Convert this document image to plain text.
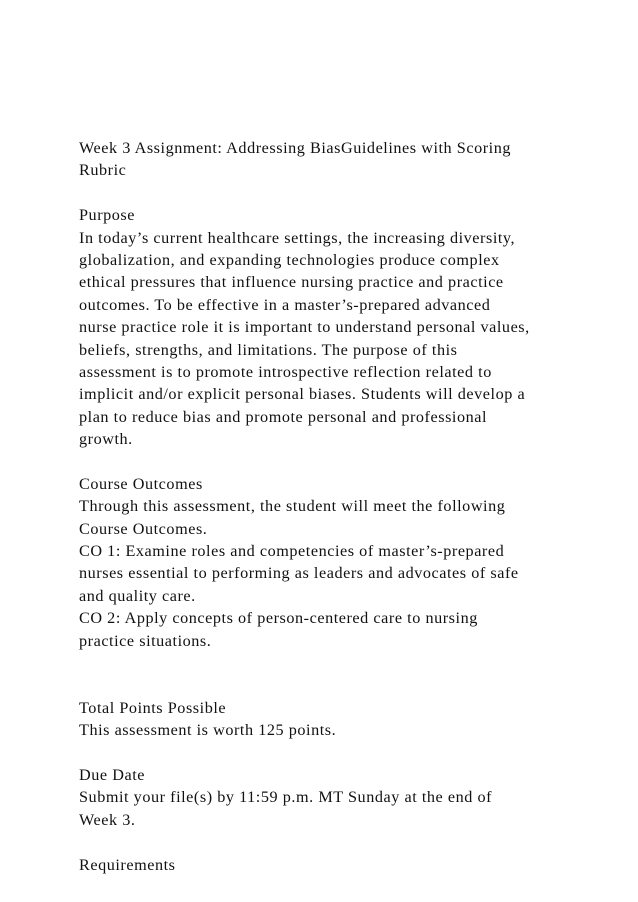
Week 3 Assignment: Addressing BiasGuidelines with Scoring
Rubric
Purpose
In today’s current healthcare settings, the increasing diversity,
globalization, and expanding technologies produce complex
ethical pressures that influence nursing practice and practice
outcomes. To be effective in a master’s-prepared advanced
nurse practice role it is important to understand personal values,
beliefs, strengths, and limitations. The purpose of this
assessment is to promote introspective reflection related to
implicit and/or explicit personal biases. Students will develop a
plan to reduce bias and promote personal and professional
growth.
Course Outcomes
Through this assessment, the student will meet the following
Course Outcomes.
CO 1: Examine roles and competencies of master’s-prepared
nurses essential to performing as leaders and advocates of safe
and quality care.
CO 2: Apply concepts of person-centered care to nursing
practice situations.
Total Points Possible
This assessment is worth 125 points.
Due Date
Submit your file(s) by 11:59 p.m. MT Sunday at the end of
Week 3.
Requirements
